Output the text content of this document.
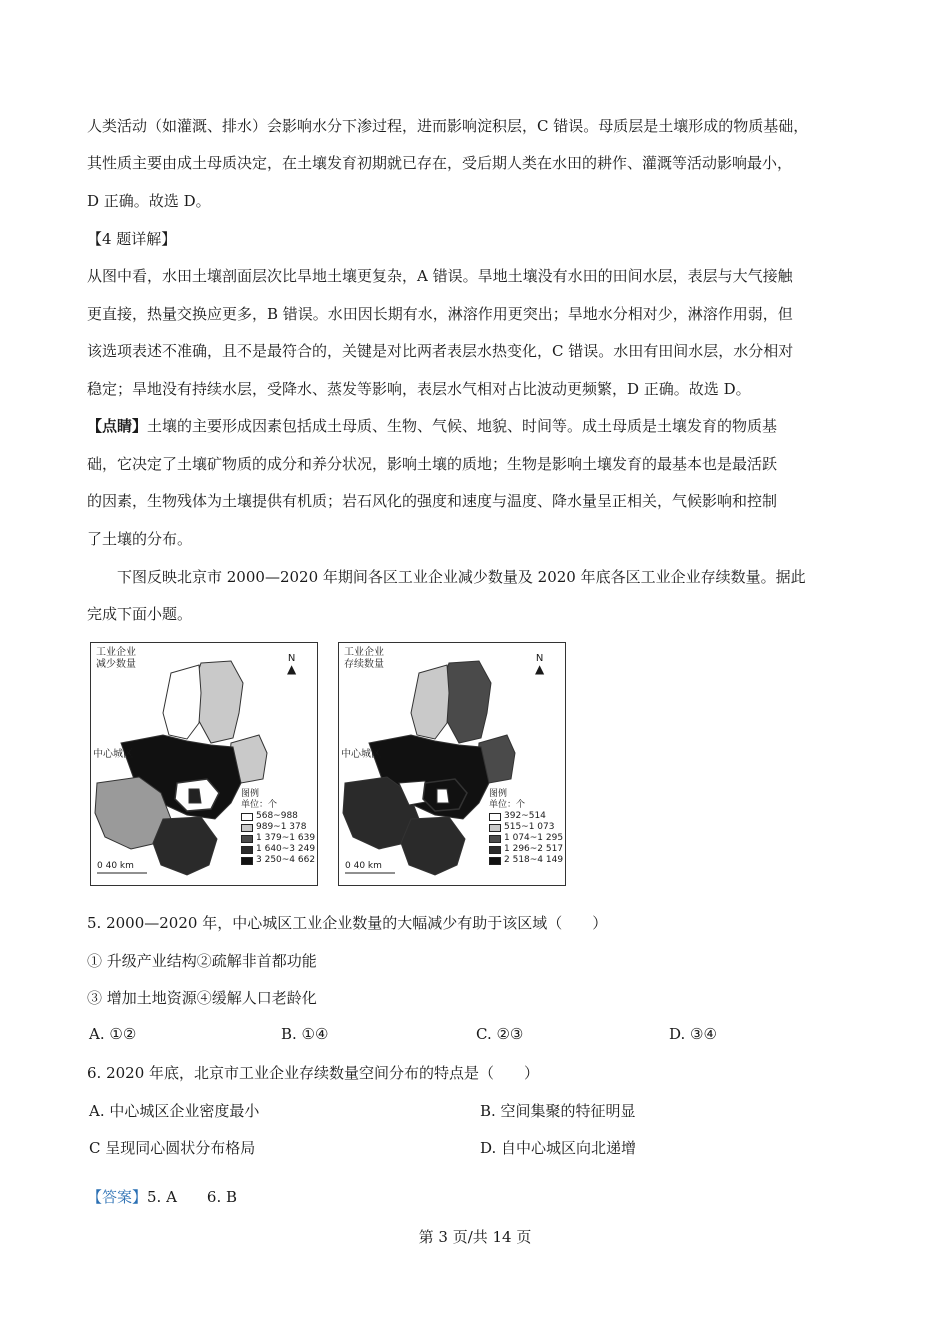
人类活动（如灌溉、排水）会影响水分下渗过程，进而影响淀积层，C 错误。母质层是土壤形成的物质基础，

其性质主要由成土母质决定，在土壤发育初期就已存在，受后期人类在水田的耕作、灌溉等活动影响最小，

D 正确。故选 D。

【4 题详解】

从图中看，水田土壤剖面层次比旱地土壤更复杂，A 错误。旱地土壤没有水田的田间水层，表层与大气接触

更直接，热量交换应更多，B 错误。水田因长期有水，淋溶作用更突出；旱地水分相对少，淋溶作用弱，但

该选项表述不准确，且不是最符合的，关键是对比两者表层水热变化，C 错误。水田有田间水层，水分相对

稳定；旱地没有持续水层，受降水、蒸发等影响，表层水气相对占比波动更频繁，D 正确。故选 D。

【点睛】土壤的主要形成因素包括成土母质、生物、气候、地貌、时间等。成土母质是土壤发育的物质基

础，它决定了土壤矿物质的成分和养分状况，影响土壤的质地；生物是影响土壤发育的最基本也是最活跃

的因素，生物残体为土壤提供有机质；岩石风化的强度和速度与温度、降水量呈正相关，气候影响和控制

了土壤的分布。

下图反映北京市 2000—2020 年期间各区工业企业减少数量及 2020 年底各区工业企业存续数量。据此

完成下面小题。

工业企业
减少数量
N
▲
中心城区
图例
单位：个
568~988
989~1 378
1 379~1 639
1 640~3 249
3 250~4 662
0 40 km
工业企业
存续数量
N
▲
中心城区
图例
单位：个
392~514
515~1 073
1 074~1 295
1 296~2 517
2 518~4 149
0 40 km

5. 2000—2020 年，中心城区工业企业数量的大幅减少有助于该区域（　　）

① 升级产业结构②疏解非首都功能

③ 增加土地资源④缓解人口老龄化

A. ①②	B. ①④	C. ②③	D. ③④

6. 2020 年底，北京市工业企业存续数量空间分布的特点是（　　）

A. 中心城区企业密度最小	B. 空间集聚的特征明显
C 呈现同心圆状分布格局	D. 自中心城区向北递增

【答案】5. A　　6. B

第 3 页/共 14 页
